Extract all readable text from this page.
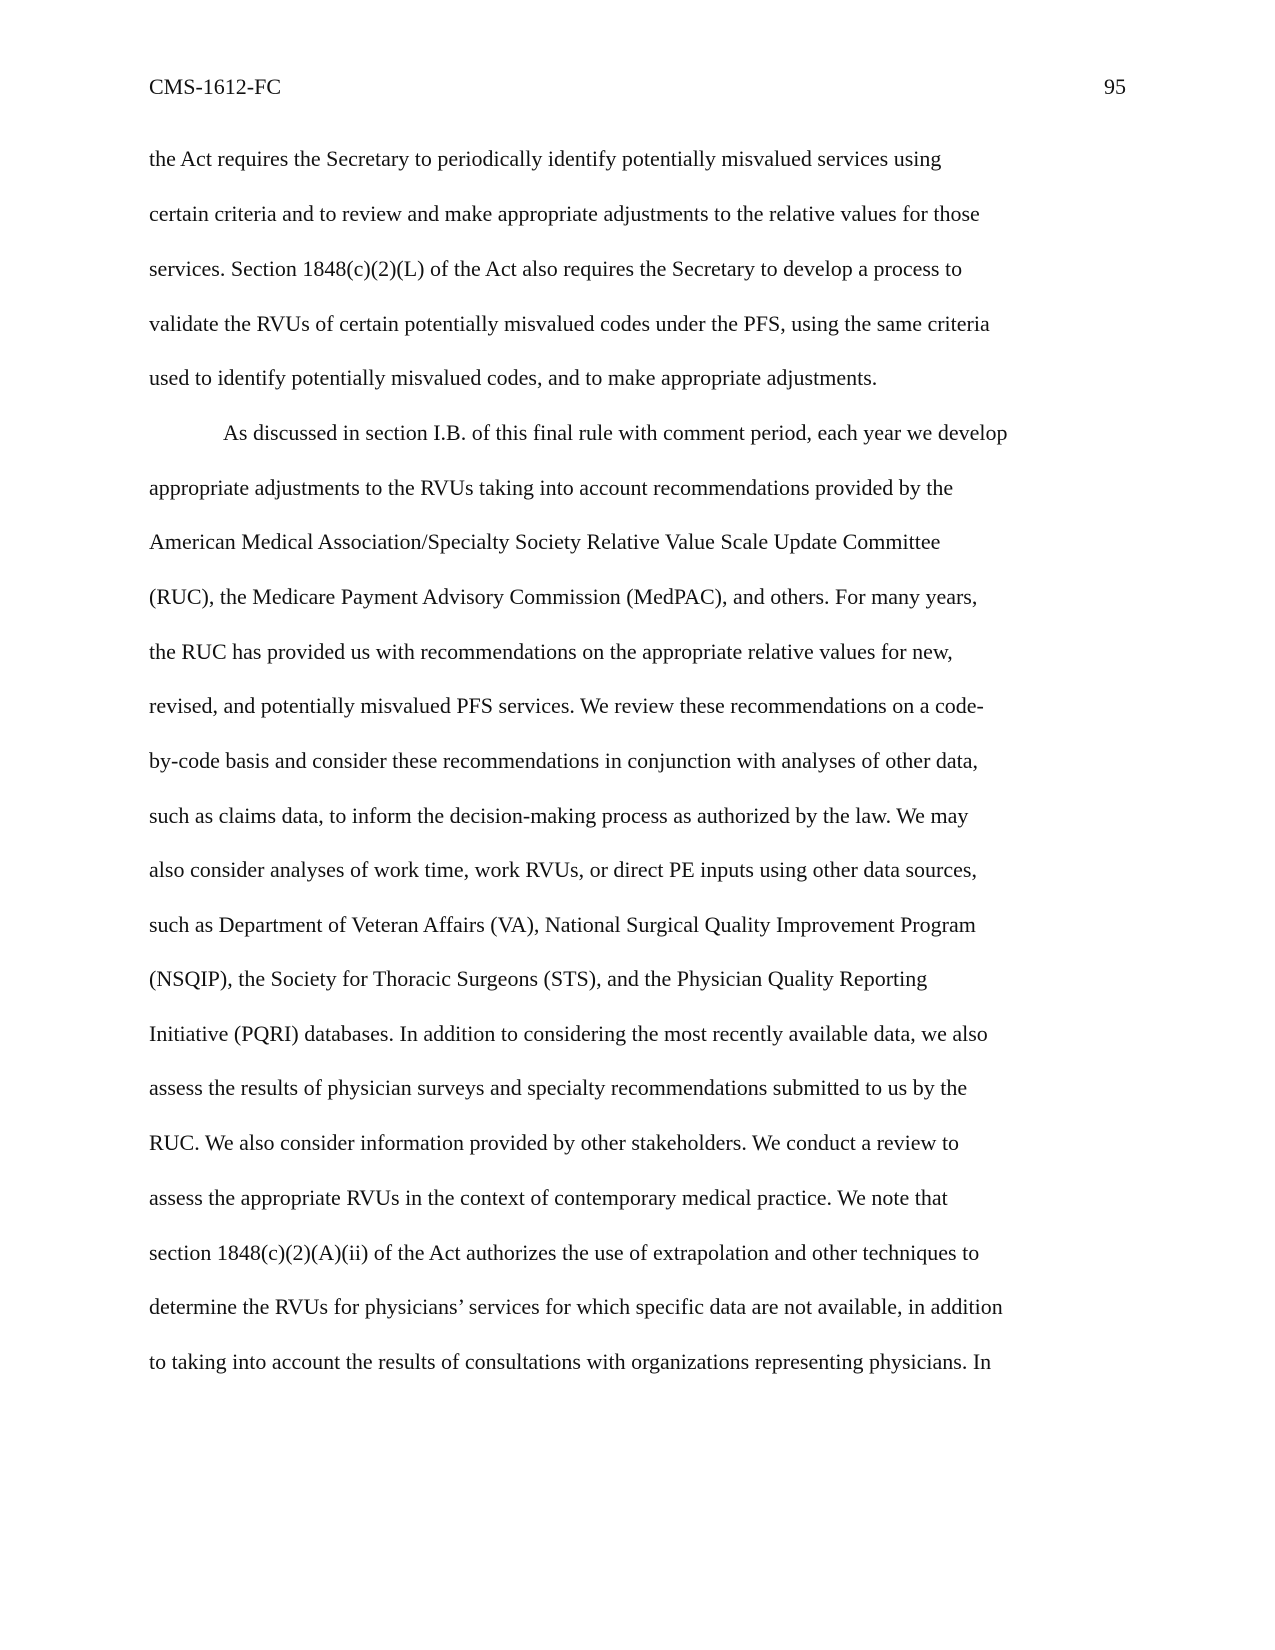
CMS-1612-FC	95
the Act requires the Secretary to periodically identify potentially misvalued services using
certain criteria and to review and make appropriate adjustments to the relative values for those
services. Section 1848(c)(2)(L) of the Act also requires the Secretary to develop a process to
validate the RVUs of certain potentially misvalued codes under the PFS, using the same criteria
used to identify potentially misvalued codes, and to make appropriate adjustments.
As discussed in section I.B. of this final rule with comment period, each year we develop
appropriate adjustments to the RVUs taking into account recommendations provided by the
American Medical Association/Specialty Society Relative Value Scale Update Committee
(RUC), the Medicare Payment Advisory Commission (MedPAC), and others. For many years,
the RUC has provided us with recommendations on the appropriate relative values for new,
revised, and potentially misvalued PFS services. We review these recommendations on a code-
by-code basis and consider these recommendations in conjunction with analyses of other data,
such as claims data, to inform the decision-making process as authorized by the law. We may
also consider analyses of work time, work RVUs, or direct PE inputs using other data sources,
such as Department of Veteran Affairs (VA), National Surgical Quality Improvement Program
(NSQIP), the Society for Thoracic Surgeons (STS), and the Physician Quality Reporting
Initiative (PQRI) databases. In addition to considering the most recently available data, we also
assess the results of physician surveys and specialty recommendations submitted to us by the
RUC. We also consider information provided by other stakeholders. We conduct a review to
assess the appropriate RVUs in the context of contemporary medical practice. We note that
section 1848(c)(2)(A)(ii) of the Act authorizes the use of extrapolation and other techniques to
determine the RVUs for physicians’ services for which specific data are not available, in addition
to taking into account the results of consultations with organizations representing physicians. In
